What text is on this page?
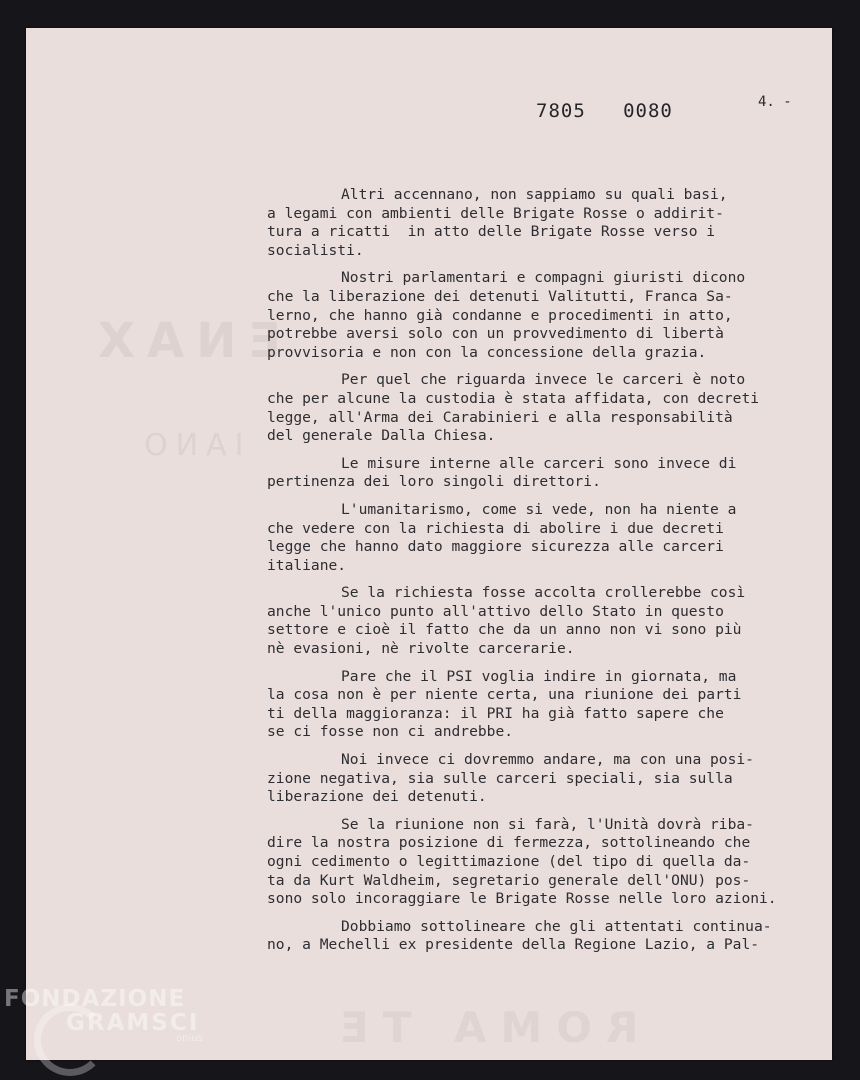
ENAX
IANO
ROMA TE
7805   0080	4. -
Altri accennano, non sappiamo su quali basi,
a legami con ambienti delle Brigate Rosse o addirit-
tura a ricatti  in atto delle Brigate Rosse verso i
socialisti.
Nostri parlamentari e compagni giuristi dicono
che la liberazione dei detenuti Valitutti, Franca Sa-
lerno, che hanno già condanne e procedimenti in atto,
potrebbe aversi solo con un provvedimento di libertà
provvisoria e non con la concessione della grazia.
Per quel che riguarda invece le carceri è noto
che per alcune la custodia è stata affidata, con decreti
legge, all'Arma dei Carabinieri e alla responsabilità
del generale Dalla Chiesa.
Le misure interne alle carceri sono invece di
pertinenza dei loro singoli direttori.
L'umanitarismo, come si vede, non ha niente a
che vedere con la richiesta di abolire i due decreti
legge che hanno dato maggiore sicurezza alle carceri
italiane.
Se la richiesta fosse accolta crollerebbe così
anche l'unico punto all'attivo dello Stato in questo
settore e cioè il fatto che da un anno non vi sono più
nè evasioni, nè rivolte carcerarie.
Pare che il PSI voglia indire in giornata, ma
la cosa non è per niente certa, una riunione dei parti
ti della maggioranza: il PRI ha già fatto sapere che
se ci fosse non ci andrebbe.
Noi invece ci dovremmo andare, ma con una posi-
zione negativa, sia sulle carceri speciali, sia sulla
liberazione dei detenuti.
Se la riunione non si farà, l'Unità dovrà riba-
dire la nostra posizione di fermezza, sottolineando che
ogni cedimento o legittimazione (del tipo di quella da-
ta da Kurt Waldheim, segretario generale dell'ONU) pos-
sono solo incoraggiare le Brigate Rosse nelle loro azioni.
Dobbiamo sottolineare che gli attentati continua-
no, a Mechelli ex presidente della Regione Lazio, a Pal-
FONDAZIONE
GRAMSCI
onlus
